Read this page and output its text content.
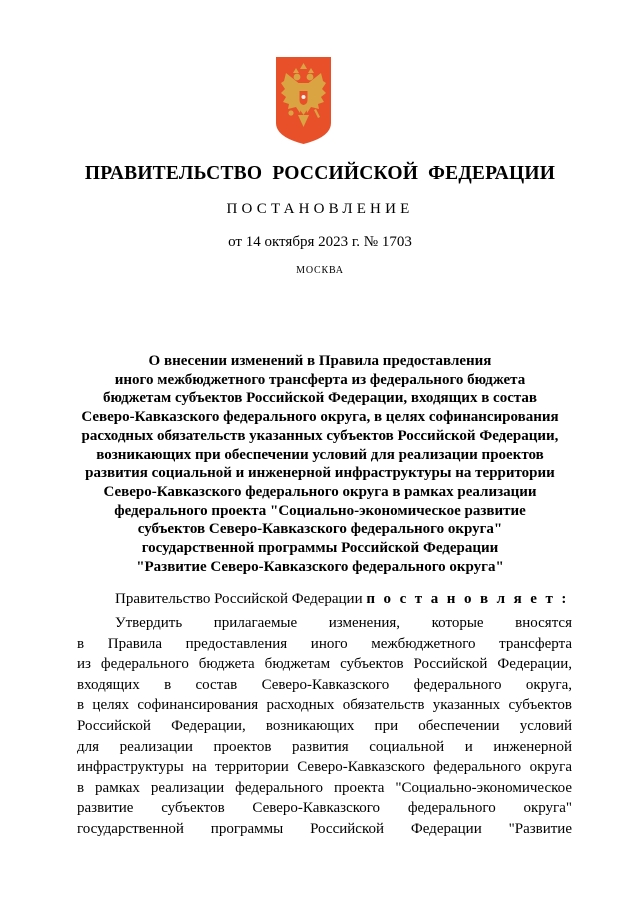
ПРАВИТЕЛЬСТВО РОССИЙСКОЙ ФЕДЕРАЦИИ
ПОСТАНОВЛЕНИЕ
от 14 октября 2023 г. № 1703
МОСКВА
О внесении изменений в Правила предоставления
иного межбюджетного трансферта из федерального бюджета
бюджетам субъектов Российской Федерации, входящих в состав
Северо-Кавказского федерального округа, в целях софинансирования
расходных обязательств указанных субъектов Российской Федерации,
возникающих при обеспечении условий для реализации проектов
развития социальной и инженерной инфраструктуры на территории
Северо-Кавказского федерального округа в рамках реализации
федерального проекта "Социально-экономическое развитие
субъектов Северо-Кавказского федерального округа"
государственной программы Российской Федерации
"Развитие Северо-Кавказского федерального округа"
Правительство Российской Федерации п о с т а н о в л я е т :
Утвердить прилагаемые изменения, которые вносятся
в Правила предоставления иного межбюджетного трансферта
из федерального бюджета бюджетам субъектов Российской Федерации,
входящих в состав Северо-Кавказского федерального округа,
в целях софинансирования расходных обязательств указанных субъектов
Российской Федерации, возникающих при обеспечении условий
для реализации проектов развития социальной и инженерной
инфраструктуры на территории Северо-Кавказского федерального округа
в рамках реализации федерального проекта "Социально-экономическое
развитие субъектов Северо-Кавказского федерального округа"
государственной программы Российской Федерации "Развитие
